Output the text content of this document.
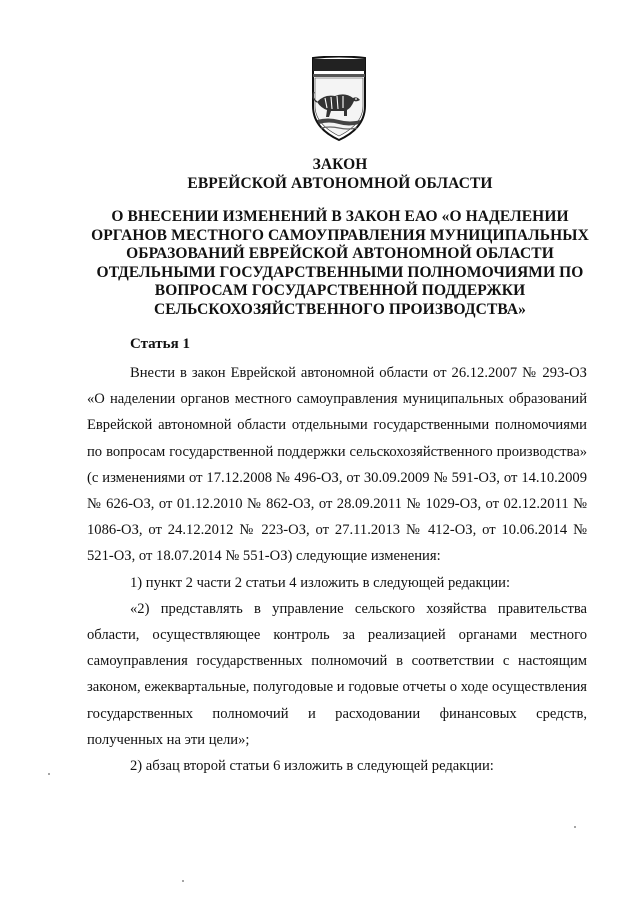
ЗАКОН
ЕВРЕЙСКОЙ АВТОНОМНОЙ ОБЛАСТИ
О ВНЕСЕНИИ ИЗМЕНЕНИЙ В ЗАКОН ЕАО «О НАДЕЛЕНИИ
ОРГАНОВ МЕСТНОГО САМОУПРАВЛЕНИЯ МУНИЦИПАЛЬНЫХ
ОБРАЗОВАНИЙ ЕВРЕЙСКОЙ АВТОНОМНОЙ ОБЛАСТИ
ОТДЕЛЬНЫМИ ГОСУДАРСТВЕННЫМИ ПОЛНОМОЧИЯМИ ПО
ВОПРОСАМ ГОСУДАРСТВЕННОЙ ПОДДЕРЖКИ
СЕЛЬСКОХОЗЯЙСТВЕННОГО ПРОИЗВОДСТВА»
Статья 1

Внести в закон Еврейской автономной области от 26.12.2007 № 293-ОЗ «О наделении органов местного самоуправления муниципальных образований Еврейской автономной области отдельными государственными полномочиями по вопросам государственной поддержки сельскохозяйственного производства» (с изменениями от 17.12.2008 № 496-ОЗ, от 30.09.2009 № 591-ОЗ, от 14.10.2009 № 626-ОЗ, от 01.12.2010 № 862-ОЗ, от 28.09.2011 № 1029-ОЗ, от 02.12.2011 № 1086-ОЗ, от 24.12.2012 № 223-ОЗ, от 27.11.2013 № 412-ОЗ, от 10.06.2014 № 521-ОЗ, от 18.07.2014 № 551-ОЗ) следующие изменения:

1) пункт 2 части 2 статьи 4 изложить в следующей редакции:

«2) представлять в управление сельского хозяйства правительства области, осуществляющее контроль за реализацией органами местного самоуправления государственных полномочий в соответствии с настоящим законом, ежеквартальные, полугодовые и годовые отчеты о ходе осуществления государственных полномочий и расходовании финансовых средств, полученных на эти цели»;

2) абзац второй статьи 6 изложить в следующей редакции:
